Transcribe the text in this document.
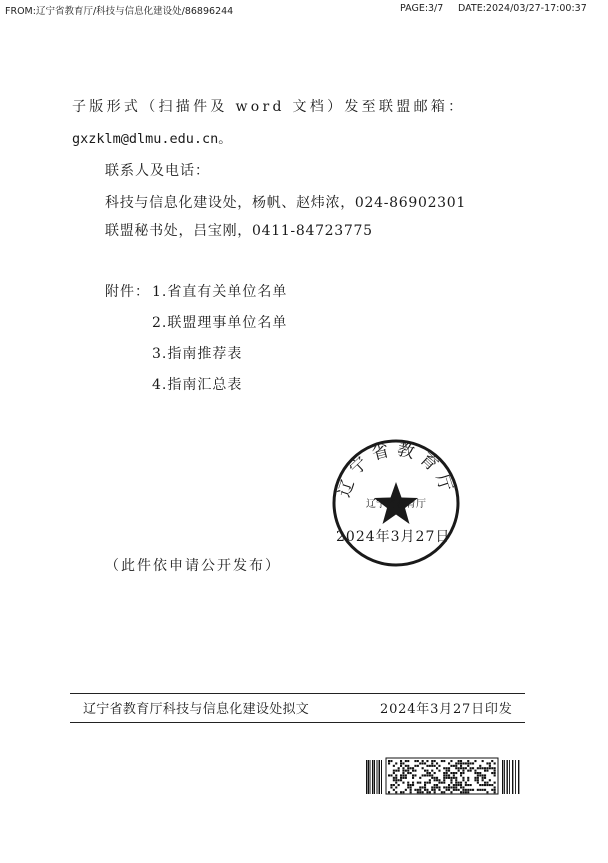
FROM:辽宁省教育厅/科技与信息化建设处/86896244	PAGE:3/7 DATE:2024/03/27-17:00:37
子版形式（扫描件及 word 文档）发至联盟邮箱：
gxzklm@dlmu.edu.cn。
联系人及电话：
科技与信息化建设处，杨帆、赵炜浓，024-86902301
联盟秘书处，吕宝刚，0411-84723775
附件： 1.省直有关单位名单
2.联盟理事单位名单
3.指南推荐表
4.指南汇总表
2024年3月27日
辽宁省教育厅
辽宁省教育厅
（此件依申请公开发布）
辽宁省教育厅科技与信息化建设处拟文	2024年3月27日印发
